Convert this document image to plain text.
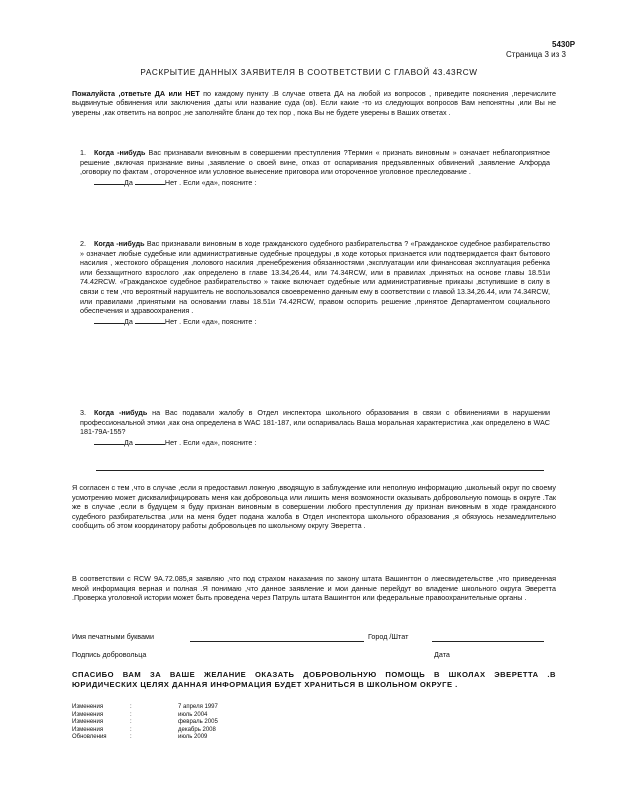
5430P
Страница 3 из 3
РАСКРЫТИЕ ДАННЫХ ЗАЯВИТЕЛЯ В СООТВЕТСТВИИ С ГЛАВОЙ 43.43RCW
Пожалуйста ,ответьте ДА или НЕТ по каждому пункту .В случае ответа ДА на любой из вопросов , приведите пояснения ,перечислите выдвинутые обвинения или заключения ,даты или название суда (ов). Если какие -то из следующих вопросов Вам непонятны ,или Вы не уверены ,как ответить на вопрос ,не заполняйте бланк до тех пор , пока Вы не будете уверены в Ваших ответах .
1. Когда -нибудь Вас признавали виновным в совершении преступления ?Термин « признать виновным » означает неблагоприятное решение ,включая признание вины ,заявление о своей вине, отказ от оспаривания предъявленных обвинений ,заявление Алфорда ,оговорку по фактам , отороченное или условное вынесение приговора или отороченное уголовное преследование .
Да	Нет . Если «да», поясните :
2. Когда -нибудь Вас признавали виновным в ходе гражданского судебного разбирательства ? «Гражданское судебное разбирательство » означает любые судебные или административные судебные процедуры ,в ходе которых признается или подтверждается факт бытового насилия , жестокого обращения ,полового насилия ,пренебрежения обязанностями ,эксплуатации или финансовая эксплуатация ребенка или беззащитного взрослого ,как определено в главе 13.34,26.44, или 74.34RCW, или в правилах ,принятых на основе главы 18.51и 74.42RCW. «Гражданское судебное разбирательство » также включает судебные или административные приказы ,вступившие в силу в связи с тем ,что вероятный нарушитель не воспользовался своевременно данным ему в соответствии с главой 13.34,26.44, или 74.34RCW, или правилами ,принятыми на основании главы 18.51и 74.42RCW, правом оспорить решение ,принятое Департаментом социального обеспечения и здравоохранения .
Да	Нет . Если «да», поясните :
3. Когда -нибудь на Вас подавали жалобу в Отдел инспектора школьного образования в связи с обвинениями в нарушении профессиональной этики ,как она определена в WAC 181-187, или оспаривалась Ваша моральная характеристика ,как определено в WAC 181-79A-155?
Да	Нет . Если «да», поясните :
Я согласен с тем ,что в случае ,если я предоставил ложную ,вводящую в заблуждение или неполную информацию ,школьный округ по своему усмотрению может дисквалифицировать меня как добровольца или лишить меня возможности оказывать добровольную помощь в округе .Так же в случае ,если в будущем я буду признан виновным в совершении любого преступления ду признан виновным в ходе гражданского судебного разбирательства ,или на меня будет подана жалоба в Отдел инспектора школьного образования ,я обязуюсь незамедлительно сообщить об этом координатору работы добровольцев по школьному округу Эверетта .
В соответствии с RCW 9A.72.085,я заявляю ,что под страхом наказания по закону штата Вашингтон о лжесвидетельстве ,что приведенная мной информация верная и полная .Я понимаю ,что данное заявление и мои данные перейдут во владение школьного округа Эверетта .Проверка уголовной истории может быть проведена через Патруль штата Вашингтон или федеральные правоохранительные органы .
Имя печатными буквами	Город /Штат
Подпись добровольца	Дата
СПАСИБО ВАМ ЗА ВАШЕ ЖЕЛАНИЕ ОКАЗАТЬ ДОБРОВОЛЬНУЮ ПОМОЩЬ В ШКОЛАХ ЭВЕРЕТТА .В ЮРИДИЧЕСКИХ ЦЕЛЯХ ДАННАЯ ИНФОРМАЦИЯ БУДЕТ ХРАНИТЬСЯ В ШКОЛЬНОМ ОКРУГЕ .
Изменения	:	7 апреля 1997
Изменения	:	июль 2004
Изменения	:	февраль 2005
Изменения	:	декабрь 2008
Обновления	:	июль 2009
